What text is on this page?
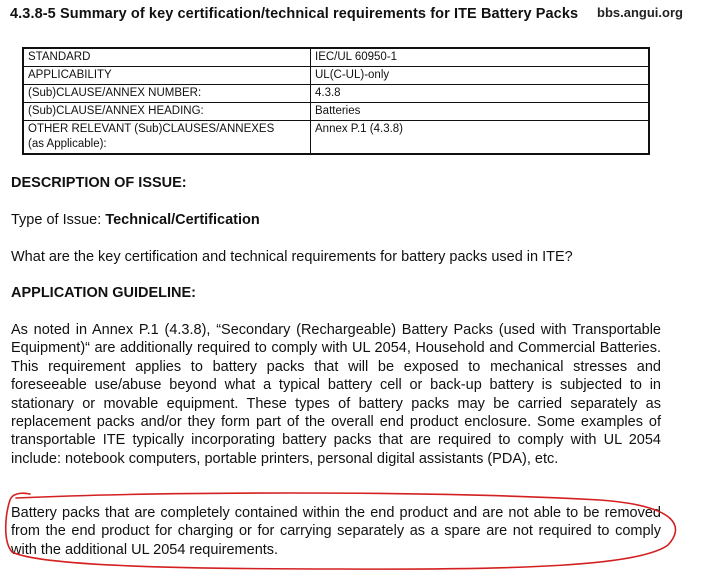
4.3.8-5 Summary of key certification/technical requirements for ITE Battery Packs bbs.angui.org
STANDARD	IEC/UL 60950-1
APPLICABILITY	UL(C-UL)-only
(Sub)CLAUSE/ANNEX NUMBER:	4.3.8
(Sub)CLAUSE/ANNEX HEADING:	Batteries
OTHER RELEVANT (Sub)CLAUSES/ANNEXES
(as Applicable):	Annex P.1 (4.3.8)
DESCRIPTION OF ISSUE:
Type of Issue: Technical/Certification
What are the key certification and technical requirements for battery packs used in ITE?
APPLICATION GUIDELINE:

As noted in Annex P.1 (4.3.8), “Secondary (Rechargeable) Battery Packs (used with Transportable Equipment)“ are additionally required to comply with UL 2054, Household and Commercial Batteries. This requirement applies to battery packs that will be exposed to mechanical stresses and foreseeable use/abuse beyond what a typical battery cell or back-up battery is subjected to in stationary or movable equipment. These types of battery packs may be carried separately as replacement packs and/or they form part of the overall end product enclosure. Some examples of transportable ITE typically incorporating battery packs that are required to comply with UL 2054 include: notebook computers, portable printers, personal digital assistants (PDA), etc.

Battery packs that are completely contained within the end product and are not able to be removed from the end product for charging or for carrying separately as a spare are not required to comply with the additional UL 2054 requirements.
